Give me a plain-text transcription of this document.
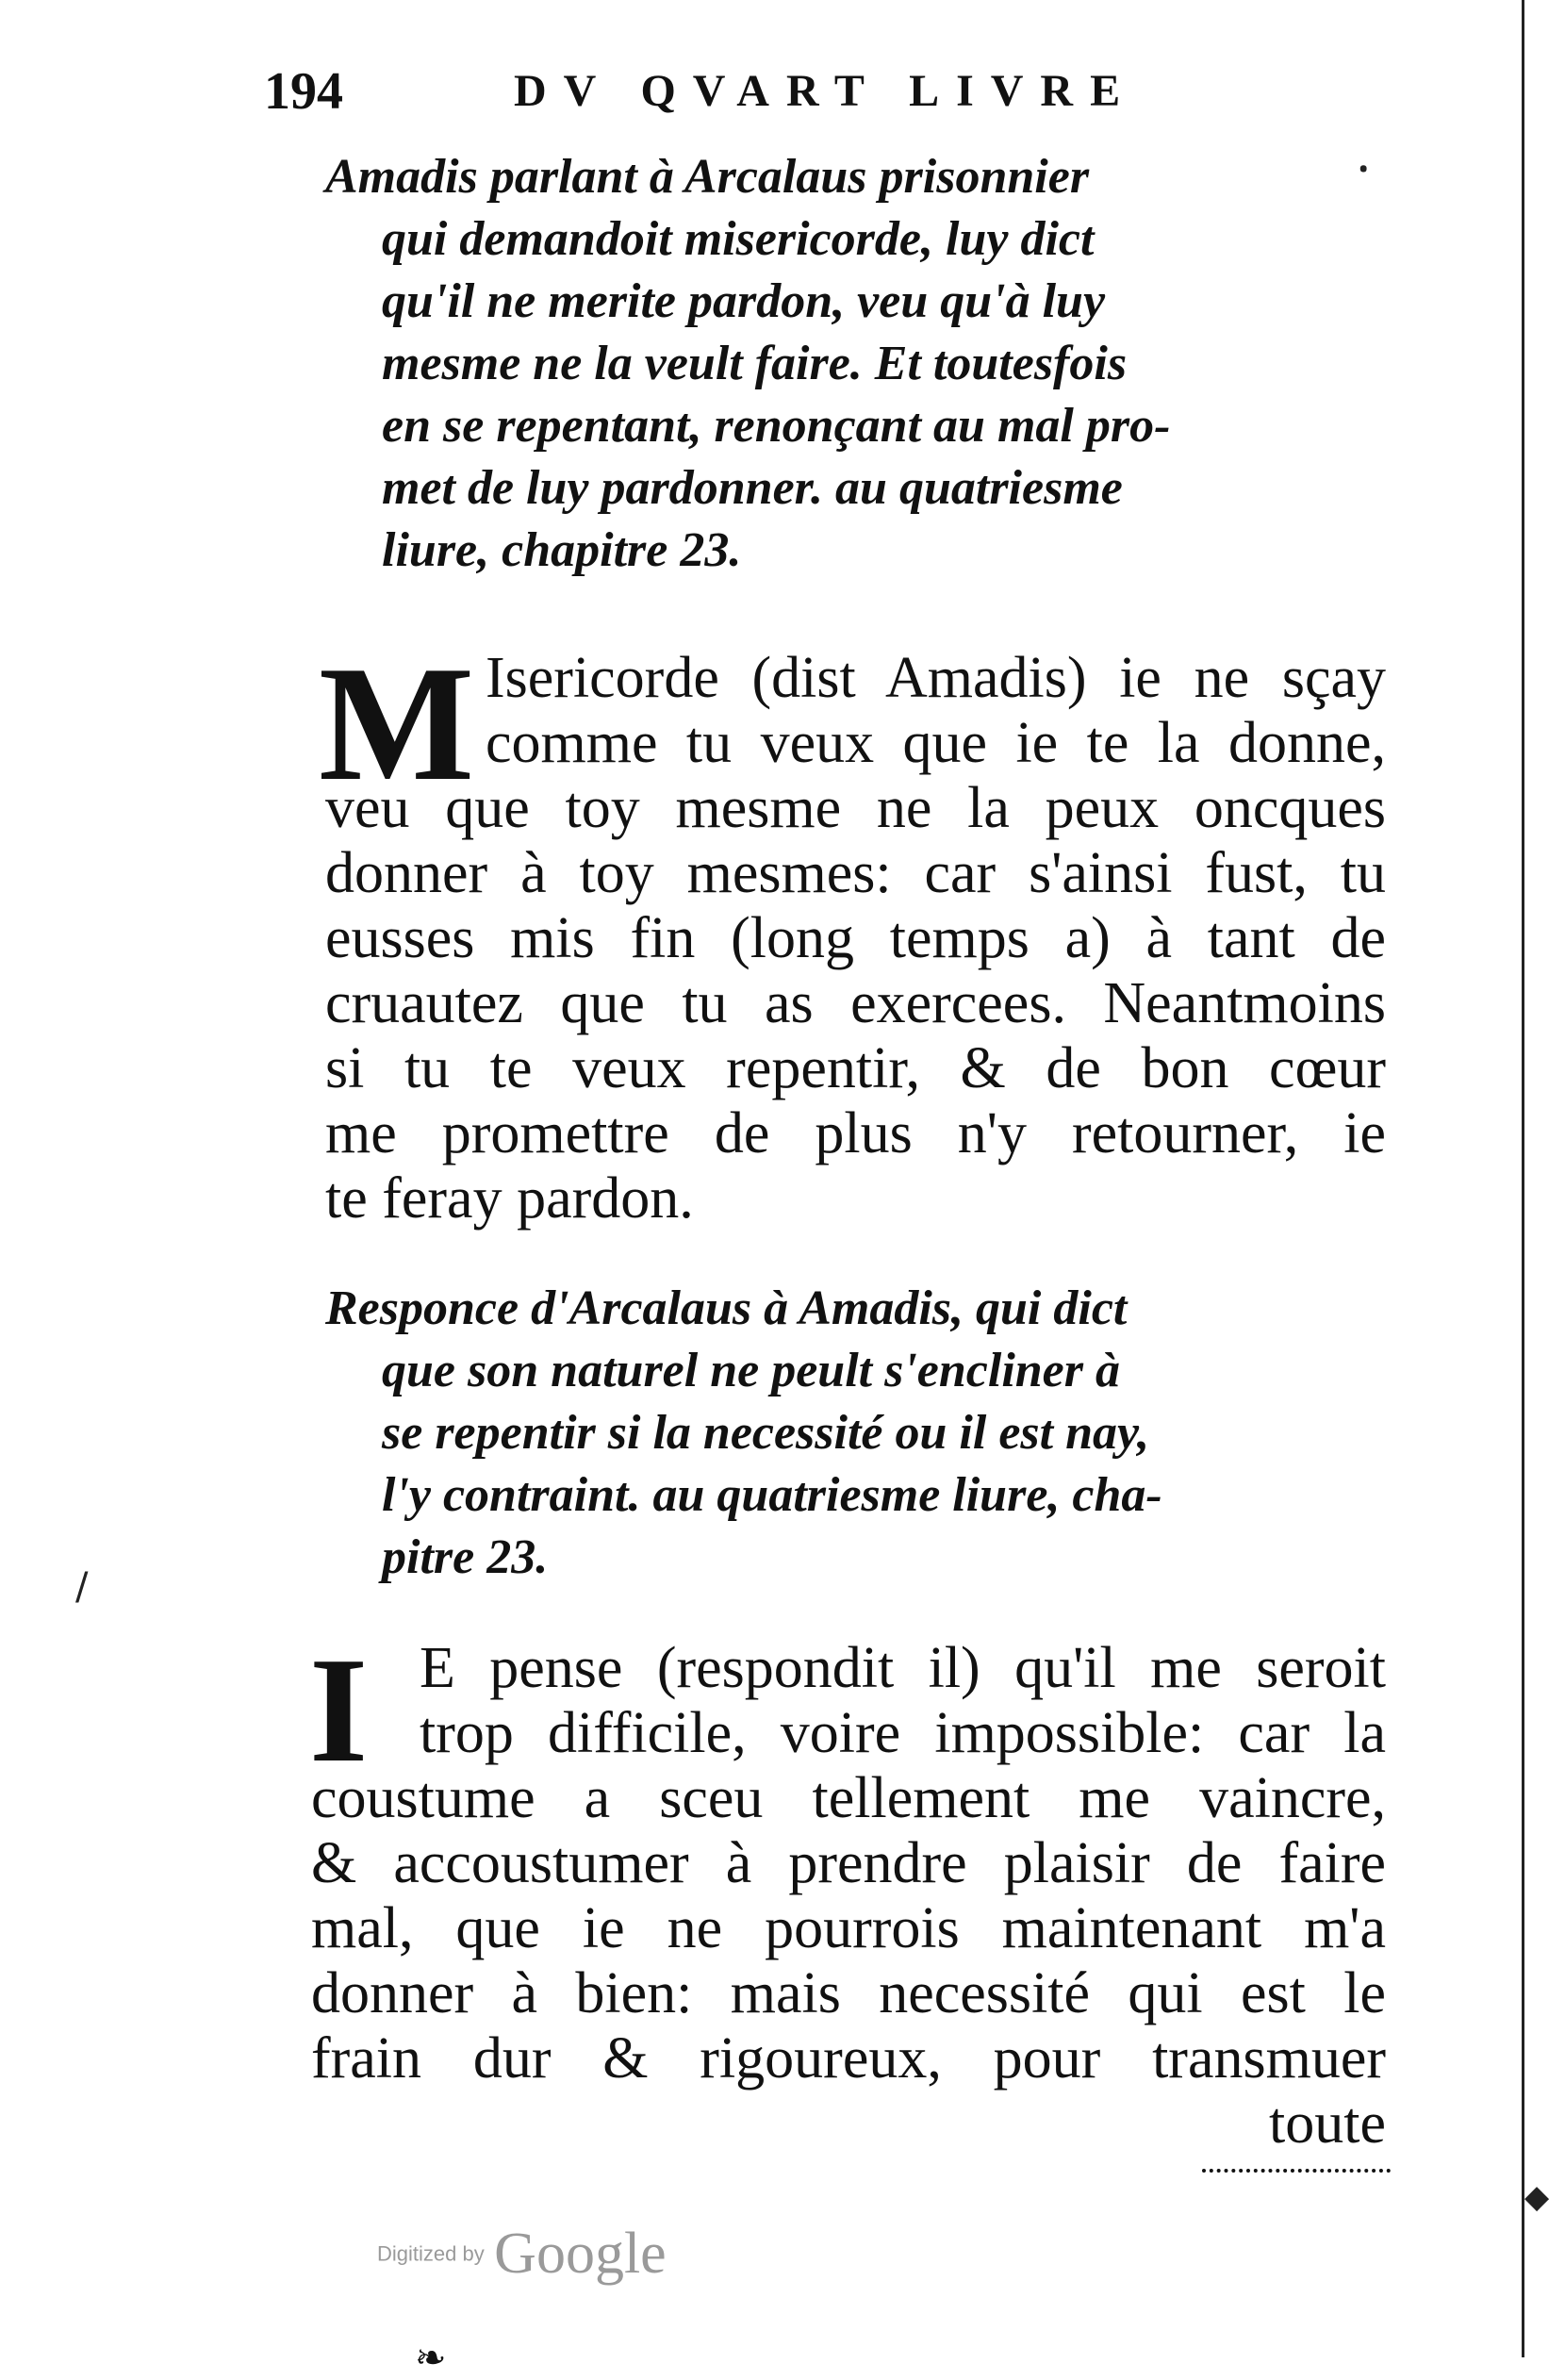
194	DV QVART LIVRE
ꞏ
Amadis parlant à Arcalaus prisonnier
qui demandoit misericorde, luy dict
qu'il ne merite pardon, veu qu'à luy
mesme ne la veult faire. Et toutesfois
en se repentant, renonçant au mal pro-
met de luy pardonner. au quatriesme
liure, chapitre 23.
M Isericorde (dist Amadis) ie ne sçay
comme tu veux que ie te la donne,
veu que toy mesme ne la peux oncques
donner à toy mesmes: car s'ainsi fust, tu
eusses mis fin (long temps a) à tant de
cruautez que tu as exercees. Neantmoins
si tu te veux repentir, & de bon cœur
me promettre de plus n'y retourner, ie
te feray pardon.
Responce d'Arcalaus à Amadis, qui dict
que son naturel ne peult s'encliner à
se repentir si la necessité ou il est nay,
l'y contraint. au quatriesme liure, cha-
pitre 23.
/
I E pense (respondit il) qu'il me seroit
trop difficile, voire impossible: car la
coustume a sceu tellement me vaincre,
& accoustumer à prendre plaisir de faire
mal, que ie ne pourrois maintenant m'a
donner à bien: mais necessité qui est le
frain dur & rigoureux, pour transmuer
toute
◆
Digitized by Google
❧
